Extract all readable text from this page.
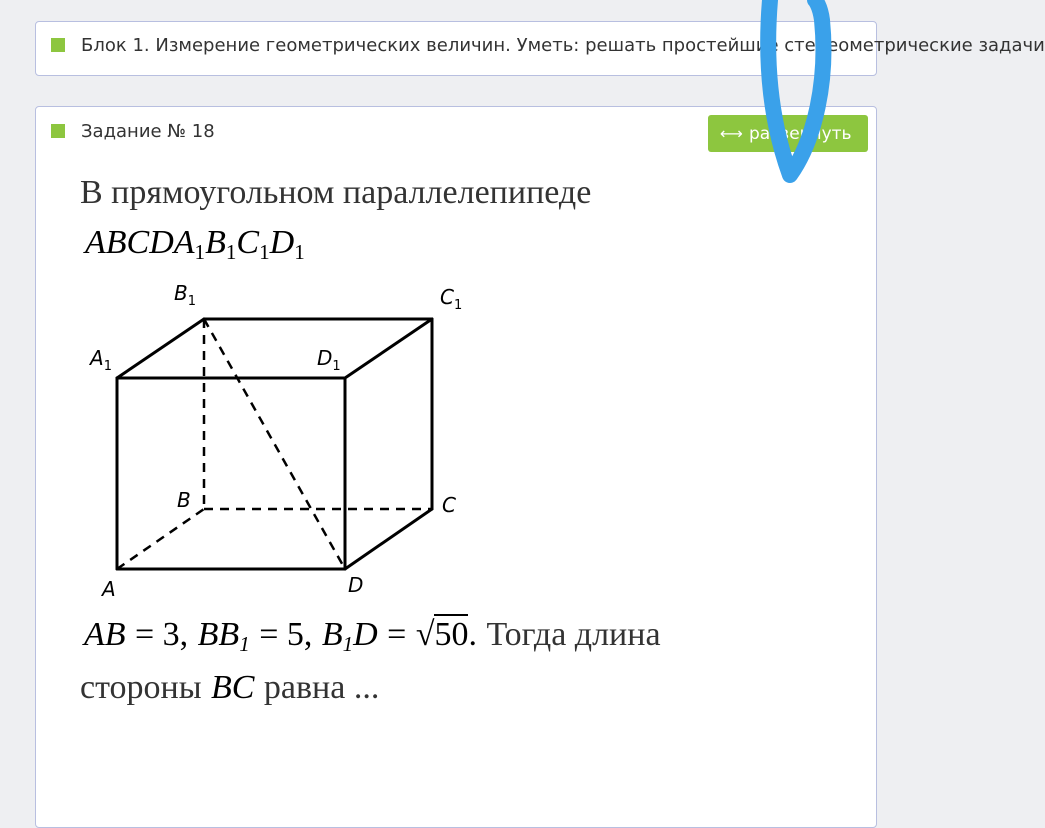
Блок 1. Измерение геометрических величин. Уметь: решать простейшие стереометрические задачи
Задание № 18	⟷ развернуть
В прямоугольном параллелепипеде
$ABCDA_1B_1C_1D_1$
$B_1$	$C_1$
$A_1$	$D_1$
B	C
A	D
AB = 3, $BB_1 = 5$, $B_1D = √50$. Тогда длина
стороны BC равна ...
